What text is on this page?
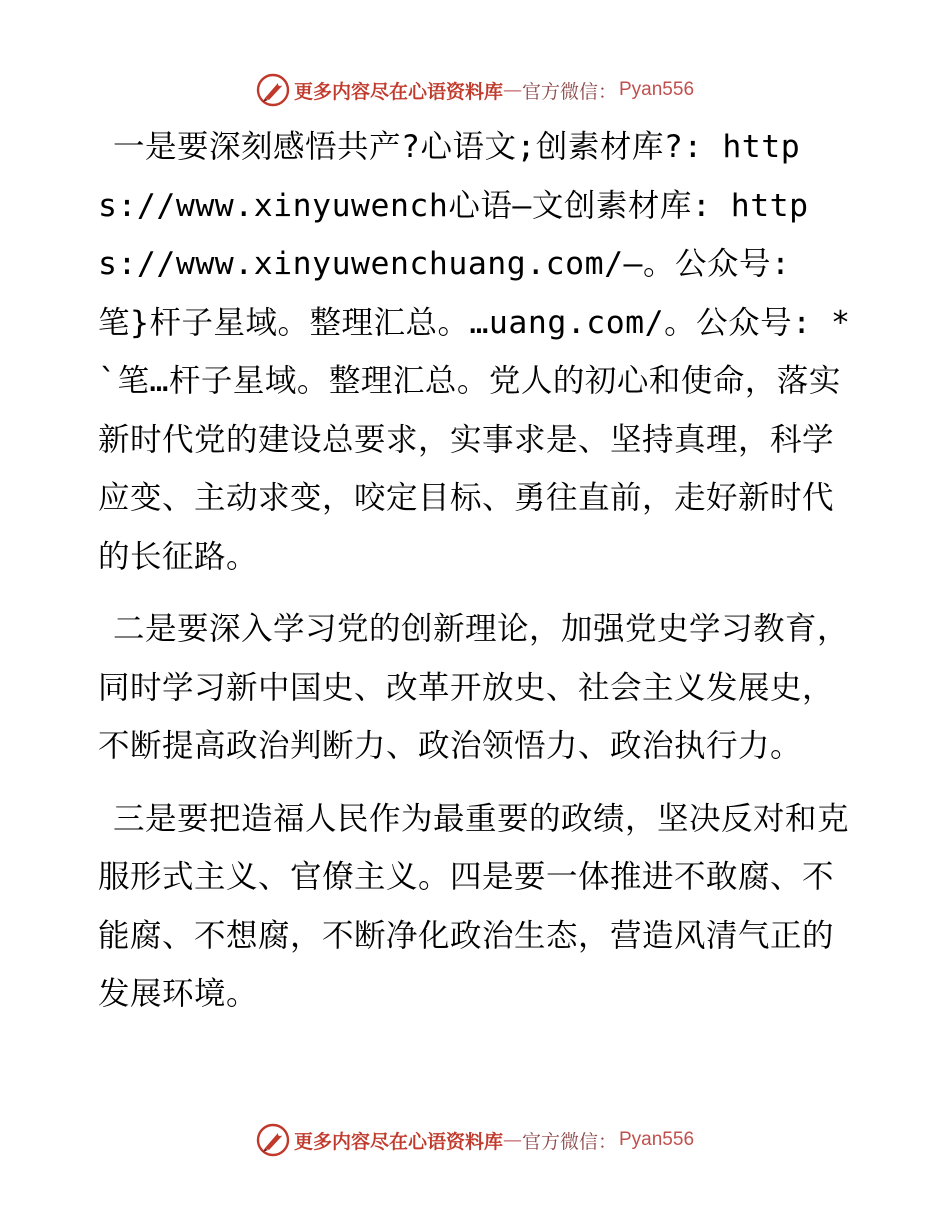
更多内容尽在心语资料库 — 官方微信： Pyan556

一是要深刻感悟共产?心语文;创素材库?: https://www.xinyuwench心语—文创素材库: https://www.xinyuwenchuang.com/—。公众号: 笔}杆子星域。整理汇总。…uang.com/。公众号: *`笔…杆子星域。整理汇总。党人的初心和使命，落实新时代党的建设总要求，实事求是、坚持真理，科学应变、主动求变，咬定目标、勇往直前，走好新时代的长征路。

二是要深入学习党的创新理论，加强党史学习教育，同时学习新中国史、改革开放史、社会主义发展史，不断提高政治判断力、政治领悟力、政治执行力。

三是要把造福人民作为最重要的政绩，坚决反对和克服形式主义、官僚主义。四是要一体推进不敢腐、不能腐、不想腐，不断净化政治生态，营造风清气正的发展环境。

更多内容尽在心语资料库 — 官方微信： Pyan556
